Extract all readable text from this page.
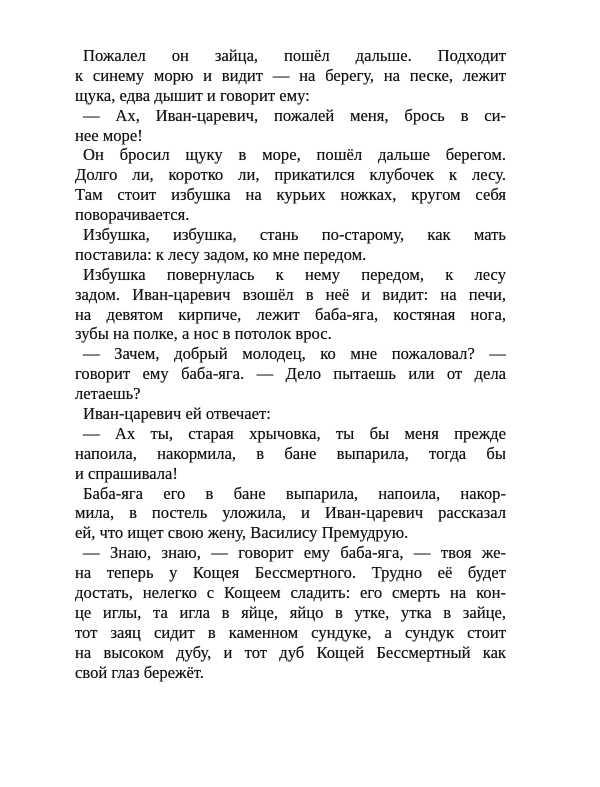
Пожалел он зайца, пошёл дальше. Подходит
к синему морю и видит — на берегу, на песке, лежит
щука, едва дышит и говорит ему:
— Ах, Иван-царевич, пожалей меня, брось в си-
нее море!
Он бросил щуку в море, пошёл дальше берегом.
Долго ли, коротко ли, прикатился клубочек к лесу.
Там стоит избушка на курьих ножках, кругом себя
поворачивается.
Избушка, избушка, стань по-старому, как мать
поставила: к лесу задом, ко мне передом.
Избушка повернулась к нему передом, к лесу
задом. Иван-царевич взошёл в неё и видит: на печи,
на девятом кирпиче, лежит баба-яга, костяная нога,
зубы на полке, а нос в потолок врос.
— Зачем, добрый молодец, ко мне пожаловал? —
говорит ему баба-яга. — Дело пытаешь или от дела
летаешь?
Иван-царевич ей отвечает:
— Ах ты, старая хрычовка, ты бы меня прежде
напоила, накормила, в бане выпарила, тогда бы
и спрашивала!
Баба-яга его в бане выпарила, напоила, накор-
мила, в постель уложила, и Иван-царевич рассказал
ей, что ищет свою жену, Василису Премудрую.
— Знаю, знаю, — говорит ему баба-яга, — твоя же-
на теперь у Кощея Бессмертного. Трудно её будет
достать, нелегко с Кощеем сладить: его смерть на кон-
це иглы, та игла в яйце, яйцо в утке, утка в зайце,
тот заяц сидит в каменном сундуке, а сундук стоит
на высоком дубу, и тот дуб Кощей Бессмертный как
свой глаз бережёт.
